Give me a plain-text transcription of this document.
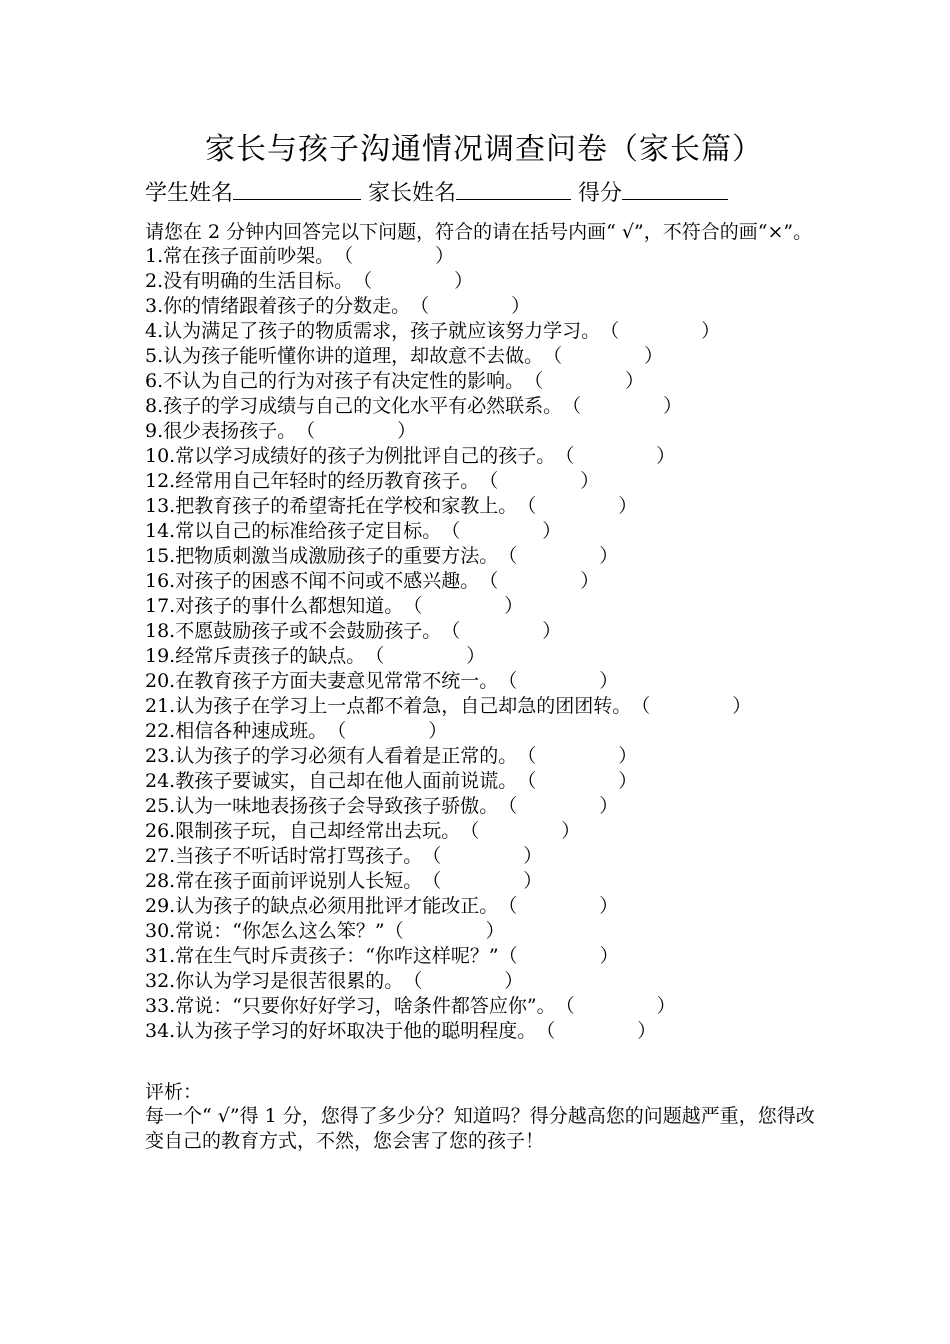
家长与孩子沟通情况调查问卷（家长篇）
学生姓名	家长姓名	得分
请您在 2 分钟内回答完以下问题，符合的请在括号内画“ √”，不符合的画“×”。
1.常在孩子面前吵架。（	）
2.没有明确的生活目标。（	）
3.你的情绪跟着孩子的分数走。（	）
4.认为满足了孩子的物质需求，孩子就应该努力学习。（	）
5.认为孩子能听懂你讲的道理，却故意不去做。（	）
6.不认为自己的行为对孩子有决定性的影响。（	）
8.孩子的学习成绩与自己的文化水平有必然联系。（	）
9.很少表扬孩子。（	）
10.常以学习成绩好的孩子为例批评自己的孩子。（	）
12.经常用自己年轻时的经历教育孩子。（	）
13.把教育孩子的希望寄托在学校和家教上。（	）
14.常以自己的标准给孩子定目标。（	）
15.把物质刺激当成激励孩子的重要方法。（	）
16.对孩子的困惑不闻不问或不感兴趣。（	）
17.对孩子的事什么都想知道。（	）
18.不愿鼓励孩子或不会鼓励孩子。（	）
19.经常斥责孩子的缺点。（	）
20.在教育孩子方面夫妻意见常常不统一。（	）
21.认为孩子在学习上一点都不着急，自己却急的团团转。（	）
22.相信各种速成班。（	）
23.认为孩子的学习必须有人看着是正常的。（	）
24.教孩子要诚实，自己却在他人面前说谎。（	）
25.认为一味地表扬孩子会导致孩子骄傲。（	）
26.限制孩子玩，自己却经常出去玩。（	）
27.当孩子不听话时常打骂孩子。（	）
28.常在孩子面前评说别人长短。（	）
29.认为孩子的缺点必须用批评才能改正。（	）
30.常说：“你怎么这么笨？”（	）
31.常在生气时斥责孩子：“你咋这样呢？”（	）
32.你认为学习是很苦很累的。（	）
33.常说：“只要你好好学习，啥条件都答应你”。（	）
34.认为孩子学习的好坏取决于他的聪明程度。（	）
评析：
每一个“ √”得 1 分，您得了多少分？知道吗？得分越高您的问题越严重，您得改变自己的教育方式，不然，您会害了您的孩子！
